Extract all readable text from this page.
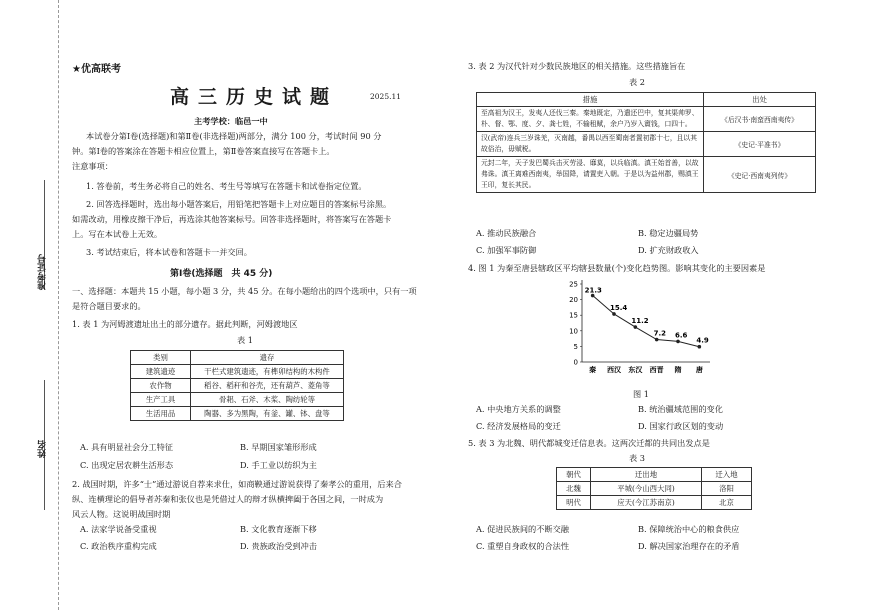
准考证号
姓名
★优高联考
高三历史试题	2025.11
主考学校：临邑一中
本试卷分第Ⅰ卷(选择题)和第Ⅱ卷(非选择题)两部分，满分 100 分，考试时间 90 分
钟。第Ⅰ卷的答案涂在答题卡相应位置上，第Ⅱ卷答案直接写在答题卡上。
注意事项：
1. 答卷前，考生务必将自己的姓名、考生号等填写在答题卡和试卷指定位置。
2. 回答选择题时，选出每小题答案后，用铅笔把答题卡上对应题目的答案标号涂黑。
如需改动，用橡皮擦干净后，再选涂其他答案标号。回答非选择题时，将答案写在答题卡
上。写在本试卷上无效。
3. 考试结束后，将本试卷和答题卡一并交回。
第Ⅰ卷(选择题　共 45 分)
一、选择题：本题共 15 小题，每小题 3 分，共 45 分。在每小题给出的四个选项中，只有一项
是符合题目要求的。
1. 表 1 为河姆渡遗址出土的部分遗存。据此判断，河姆渡地区
表 1
类别	遗存
建筑遗迹	干栏式建筑遗迹，有榫卯结构的木构件
农作物	稻谷、稻秆和谷壳，还有葫芦、菱角等
生产工具	骨耜、石斧、木桨、陶纺轮等
生活用品	陶器、多为黑陶，有釜、罐、钵、盘等
A. 具有明显社会分工特征	B. 早期国家雏形形成
C. 出现定居农耕生活形态	D. 手工业以纺织为主
2. 战国时期，许多“士”通过游说自荐来求仕，如商鞅通过游说获得了秦孝公的重用，后来合
纵、连横理论的倡导者苏秦和张仪也是凭借过人的辩才纵横捭阖于各国之间，一时成为
风云人物。这说明战国时期
A. 法家学说备受重视	B. 文化教育逐渐下移
C. 政治秩序重构完成	D. 贵族政治受到冲击
3. 表 2 为汉代针对少数民族地区的相关措施。这些措施旨在
表 2
措施	出处
至高祖为汉王，发夷人还伐三秦。秦地既定，乃遣还巴中，复其渠帅罗、朴、督、鄂、度、夕、龚七姓，不输租赋，余户乃岁入賨钱，口四十。	《后汉书·南蛮西南夷传》
汉(武帝)连兵三岁诛羌，灭南越，番禺以西至蜀南者置初郡十七，且以其故俗治，毋赋税。	《史记·平准书》
元封二年，天子发巴蜀兵击灭劳浸、靡莫，以兵临滇。滇王始首善，以故弗诛。滇王离难西南夷，举国降，请置吏入朝。于是以为益州郡，赐滇王王印，复长其民。	《史记·西南夷列传》
A. 推动民族融合	B. 稳定边疆局势
C. 加强军事防御	D. 扩充财政收入
4. 图 1 为秦至唐县辖政区平均辖县数量(个)变化趋势图。影响其变化的主要因素是
0
5
10
15
20
25
秦 西汉 东汉 西晋 隋 唐
21.3
15.4
11.2
7.2 6.6
4.9
图 1
A. 中央地方关系的调整	B. 统治疆域范围的变化
C. 经济发展格局的变迁	D. 国家行政区划的变动
5. 表 3 为北魏、明代都城变迁信息表。这两次迁都的共同出发点是
表 3
朝代	迁出地	迁入地
北魏	平城(今山西大同)	洛阳
明代	应天(今江苏南京)	北京
A. 促进民族间的不断交融	B. 保障统治中心的粮食供应
C. 重塑自身政权的合法性	D. 解决国家治理存在的矛盾
